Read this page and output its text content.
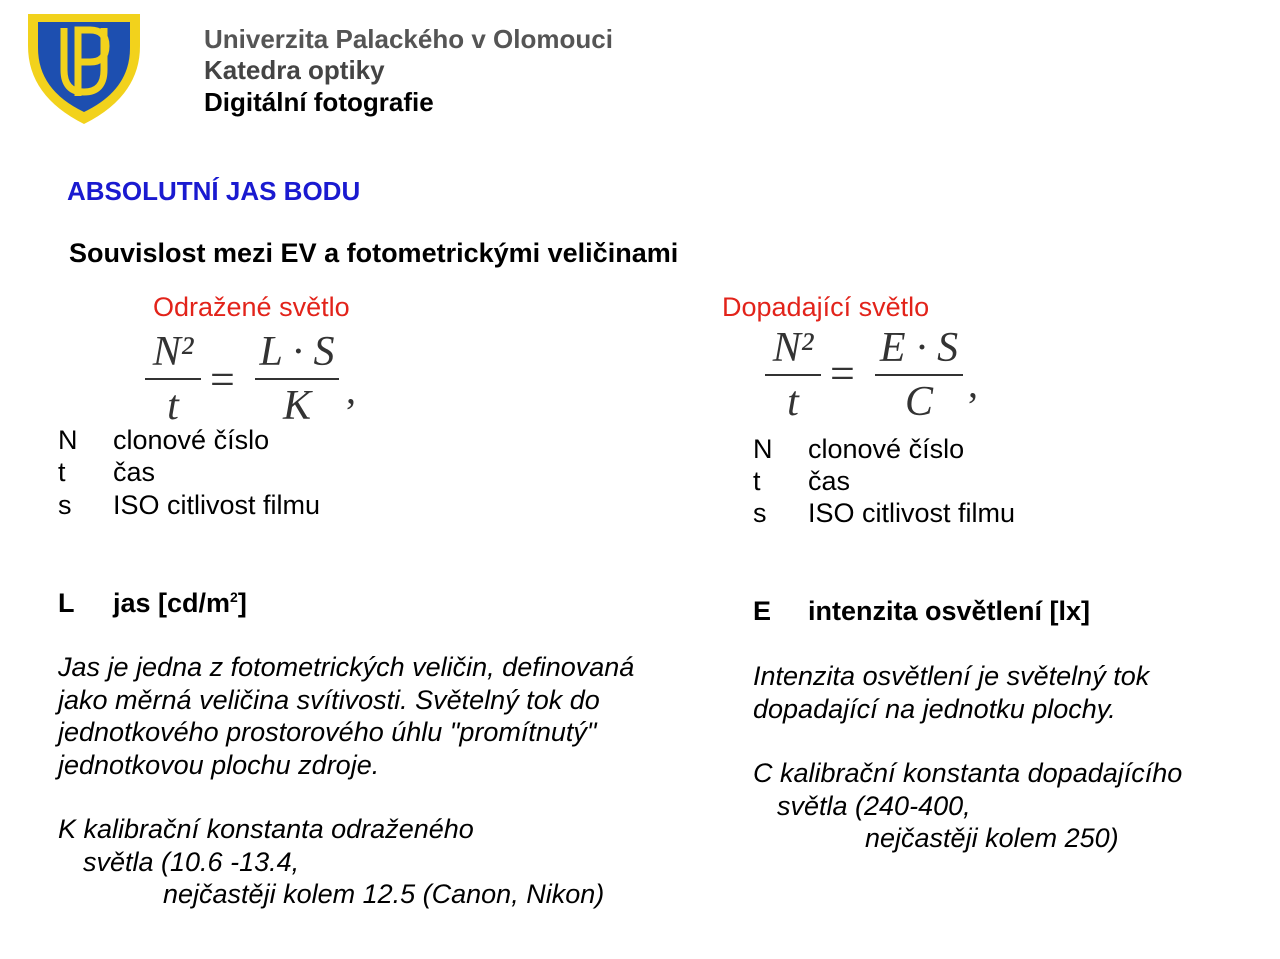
Univerzita Palackého v Olomouci
Katedra optiky
Digitální fotografie
ABSOLUTNÍ JAS BODU
Souvislost mezi EV a fotometrickými veličinami
Odražené světlo
N²
t
=
L · S
K ,
N clonové číslo
t čas
s ISO citlivost filmu
L jas $[cd/m^2]$
Jas je jedna z fotometrických veličin, definovaná
jako měrná veličina svítivosti. Světelný tok do
jednotkového prostorového úhlu "promítnutý"
jednotkovou plochu zdroje.
K kalibrační konstanta odraženého
světla (10.6 -13.4,
nejčastěji kolem 12.5 (Canon, Nikon)
Dopadající světlo
N²
t
=
E · S
C ,
N clonové číslo
t čas
s ISO citlivost filmu
E intenzita osvětlení [lx]
Intenzita osvětlení je světelný tok
dopadající na jednotku plochy.
C kalibrační konstanta dopadajícího
světla (240-400,
nejčastěji kolem 250)
